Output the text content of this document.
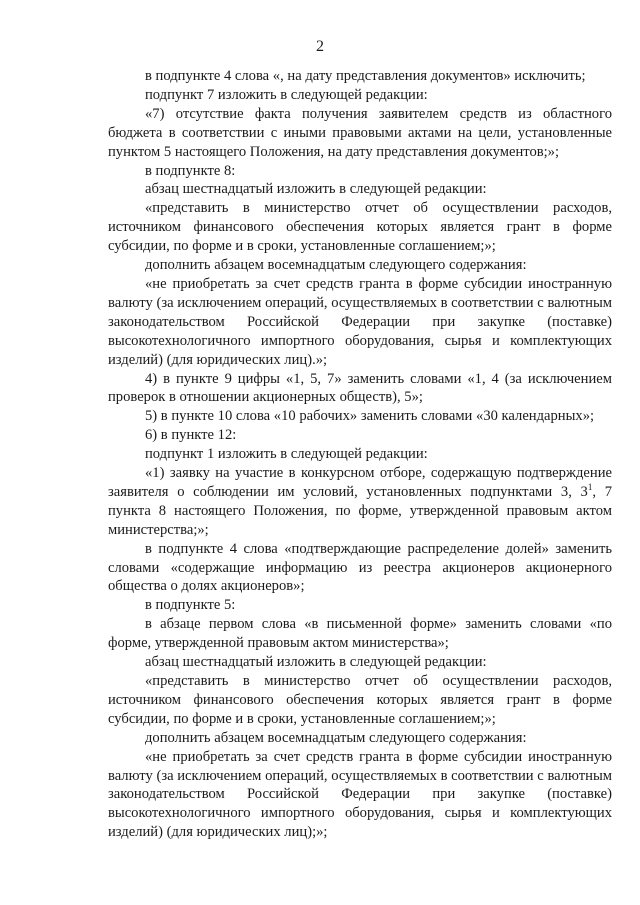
2

в подпункте 4 слова «, на дату представления документов» исключить;

подпункт 7 изложить в следующей редакции:

«7) отсутствие факта получения заявителем средств из областного бюджета в соответствии с иными правовыми актами на цели, установленные пунктом 5 настоящего Положения, на дату представления документов;»;

в подпункте 8:

абзац шестнадцатый изложить в следующей редакции:

«представить в министерство отчет об осуществлении расходов, источником финансового обеспечения которых является грант в форме субсидии, по форме и в сроки, установленные соглашением;»;

дополнить абзацем восемнадцатым следующего содержания:

«не приобретать за счет средств гранта в форме субсидии иностранную валюту (за исключением операций, осуществляемых в соответствии с валютным законодательством Российской Федерации при закупке (поставке) высокотехнологичного импортного оборудования, сырья и комплектующих изделий) (для юридических лиц).»;

4) в пункте 9 цифры «1, 5, 7» заменить словами «1, 4 (за исключением проверок в отношении акционерных обществ), 5»;

5) в пункте 10 слова «10 рабочих» заменить словами «30 календарных»;

6) в пункте 12:

подпункт 1 изложить в следующей редакции:

«1) заявку на участие в конкурсном отборе, содержащую подтверждение заявителя о соблюдении им условий, установленных подпунктами 3, $3^1$, 7 пункта 8 настоящего Положения, по форме, утвержденной правовым актом министерства;»;

в подпункте 4 слова «подтверждающие распределение долей» заменить словами «содержащие информацию из реестра акционеров акционерного общества о долях акционеров»;

в подпункте 5:

в абзаце первом слова «в письменной форме» заменить словами «по форме, утвержденной правовым актом министерства»;

абзац шестнадцатый изложить в следующей редакции:

«представить в министерство отчет об осуществлении расходов, источником финансового обеспечения которых является грант в форме субсидии, по форме и в сроки, установленные соглашением;»;

дополнить абзацем восемнадцатым следующего содержания:

«не приобретать за счет средств гранта в форме субсидии иностранную валюту (за исключением операций, осуществляемых в соответствии с валютным законодательством Российской Федерации при закупке (поставке) высокотехнологичного импортного оборудования, сырья и комплектующих изделий) (для юридических лиц);»;
